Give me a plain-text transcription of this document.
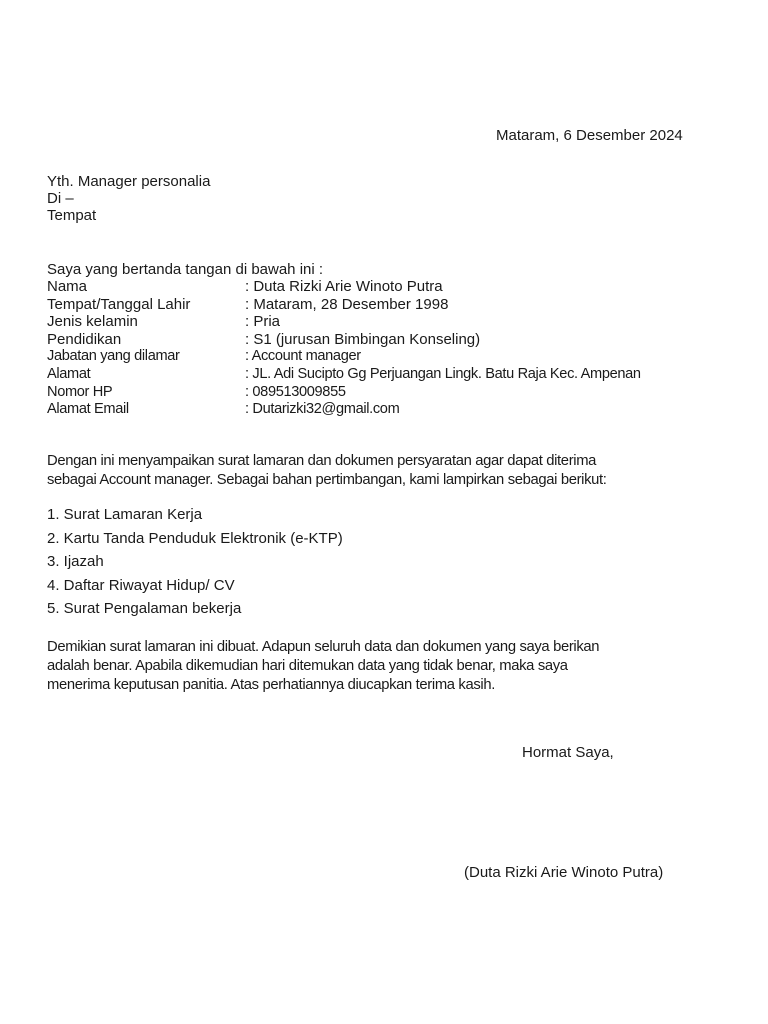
Mataram, 6 Desember 2024
Yth. Manager personalia
Di –
Tempat
Saya yang bertanda tangan di bawah ini :
Nama	: Duta Rizki Arie Winoto Putra
Tempat/Tanggal Lahir	: Mataram, 28 Desember 1998
Jenis kelamin	: Pria
Pendidikan	: S1 (jurusan Bimbingan Konseling)
Jabatan yang dilamar	: Account manager
Alamat	: JL. Adi Sucipto Gg Perjuangan Lingk. Batu Raja Kec. Ampenan
Nomor HP	: 089513009855
Alamat Email	: Dutarizki32@gmail.com
Dengan ini menyampaikan surat lamaran dan dokumen persyaratan agar dapat diterima
sebagai Account manager. Sebagai bahan pertimbangan, kami lampirkan sebagai berikut:
1. Surat Lamaran Kerja
2. Kartu Tanda Penduduk Elektronik (e-KTP)
3. Ijazah
4. Daftar Riwayat Hidup/ CV
5. Surat Pengalaman bekerja
Demikian surat lamaran ini dibuat. Adapun seluruh data dan dokumen yang saya berikan
adalah benar. Apabila dikemudian hari ditemukan data yang tidak benar, maka saya
menerima keputusan panitia. Atas perhatiannya diucapkan terima kasih.
Hormat Saya,
(Duta Rizki Arie Winoto Putra)
